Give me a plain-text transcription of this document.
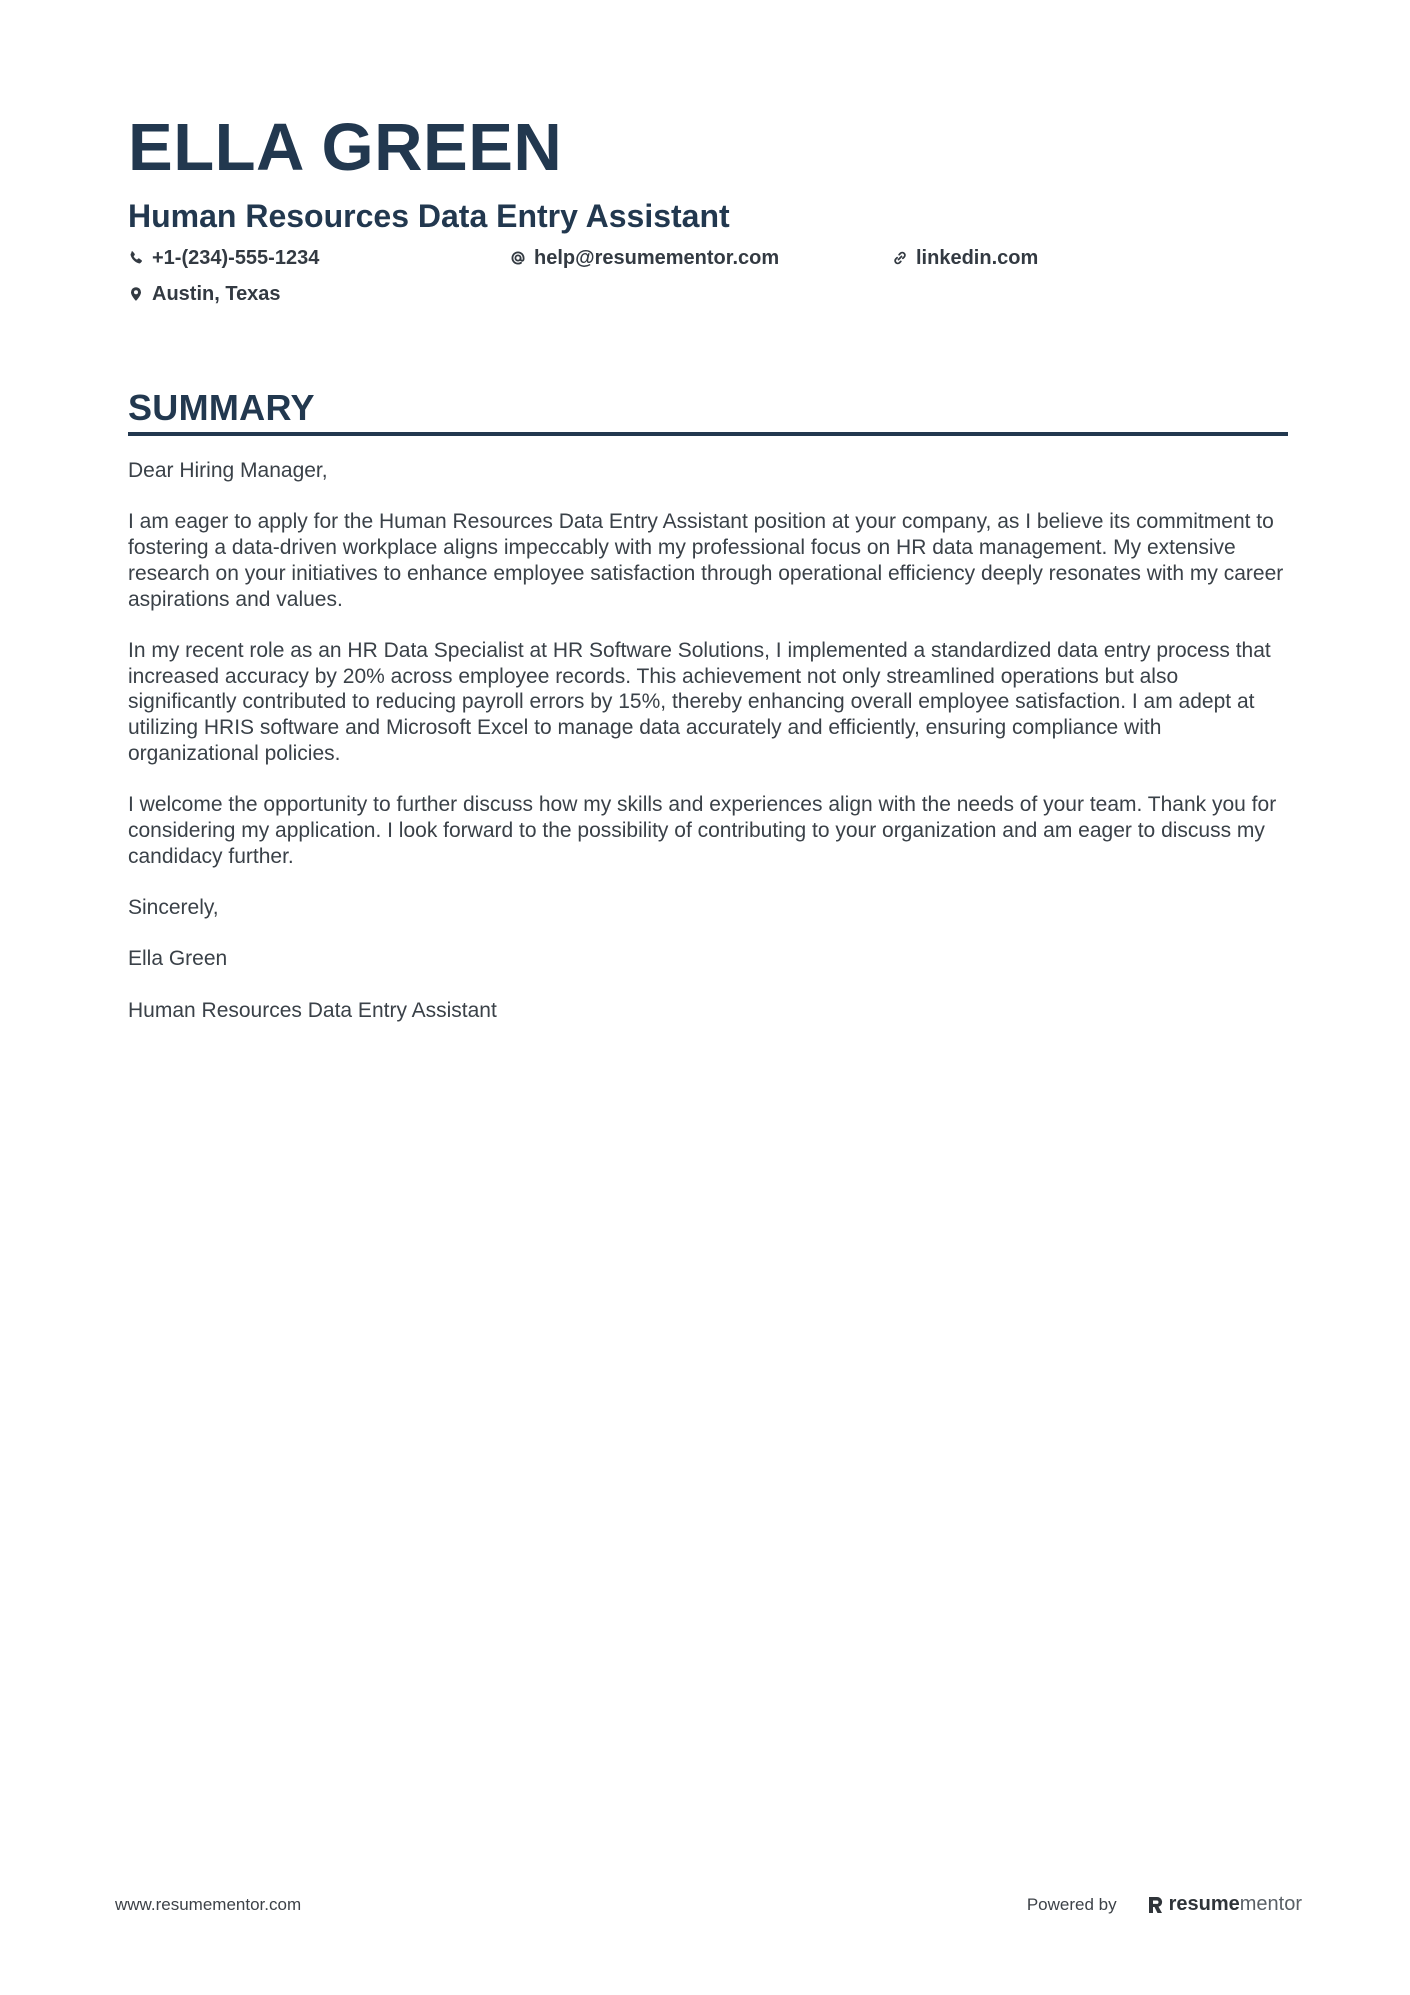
ELLA GREEN
Human Resources Data Entry Assistant
+1-(234)-555-1234	help@resumementor.com	linkedin.com
Austin, Texas
SUMMARY

Dear Hiring Manager,

I am eager to apply for the Human Resources Data Entry Assistant position at your company, as I believe its commitment to fostering a data-driven workplace aligns impeccably with my professional focus on HR data management. My extensive research on your initiatives to enhance employee satisfaction through operational efficiency deeply resonates with my career aspirations and values.

In my recent role as an HR Data Specialist at HR Software Solutions, I implemented a standardized data entry process that increased accuracy by 20% across employee records. This achievement not only streamlined operations but also significantly contributed to reducing payroll errors by 15%, thereby enhancing overall employee satisfaction. I am adept at utilizing HRIS software and Microsoft Excel to manage data accurately and efficiently, ensuring compliance with organizational policies.

I welcome the opportunity to further discuss how my skills and experiences align with the needs of your team. Thank you for considering my application. I look forward to the possibility of contributing to your organization and am eager to discuss my candidacy further.

Sincerely,

Ella Green

Human Resources Data Entry Assistant

www.resumementor.com	Powered by	resume mentor
